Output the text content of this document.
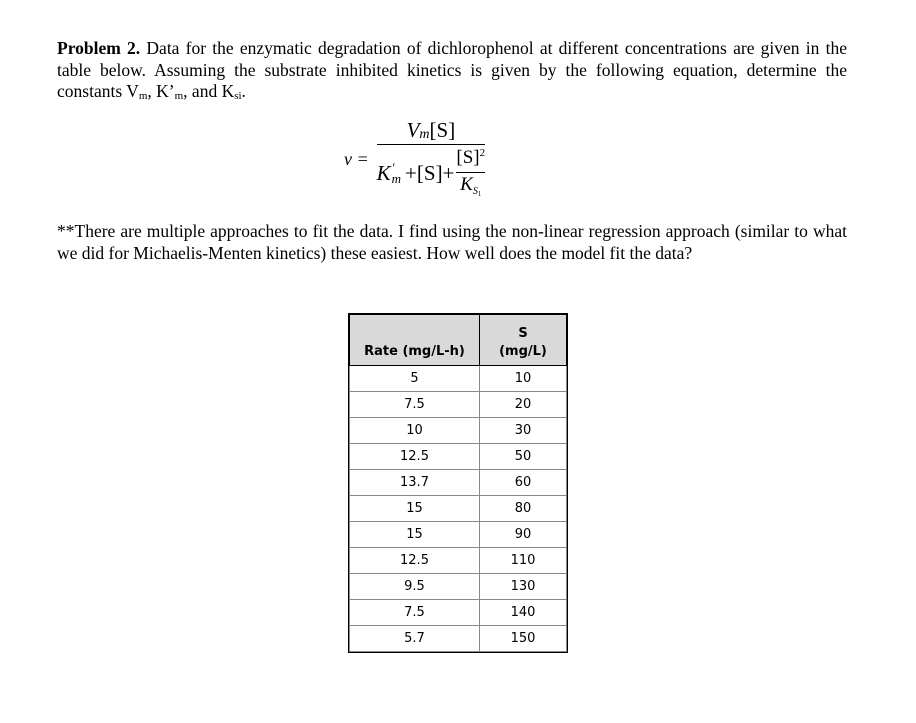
Problem 2. Data for the enzymatic degradation of dichlorophenol at different concentrations are given in the table below. Assuming the substrate inhibited kinetics is given by the following equation, determine the constants Vm, K’m, and Ksi.
v = V m [S]
K ′
m +[S]+
$[S]^2$
$K_{S1}$
**There are multiple approaches to fit the data. I find using the non-linear regression approach (similar to what we did for Michaelis-Menten kinetics) these easiest. How well does the model fit the data?
Rate (mg/L-h)	S
(mg/L)
5	10
7.5	20
10	30
12.5	50
13.7	60
15	80
15	90
12.5	110
9.5	130
7.5	140
5.7	150
